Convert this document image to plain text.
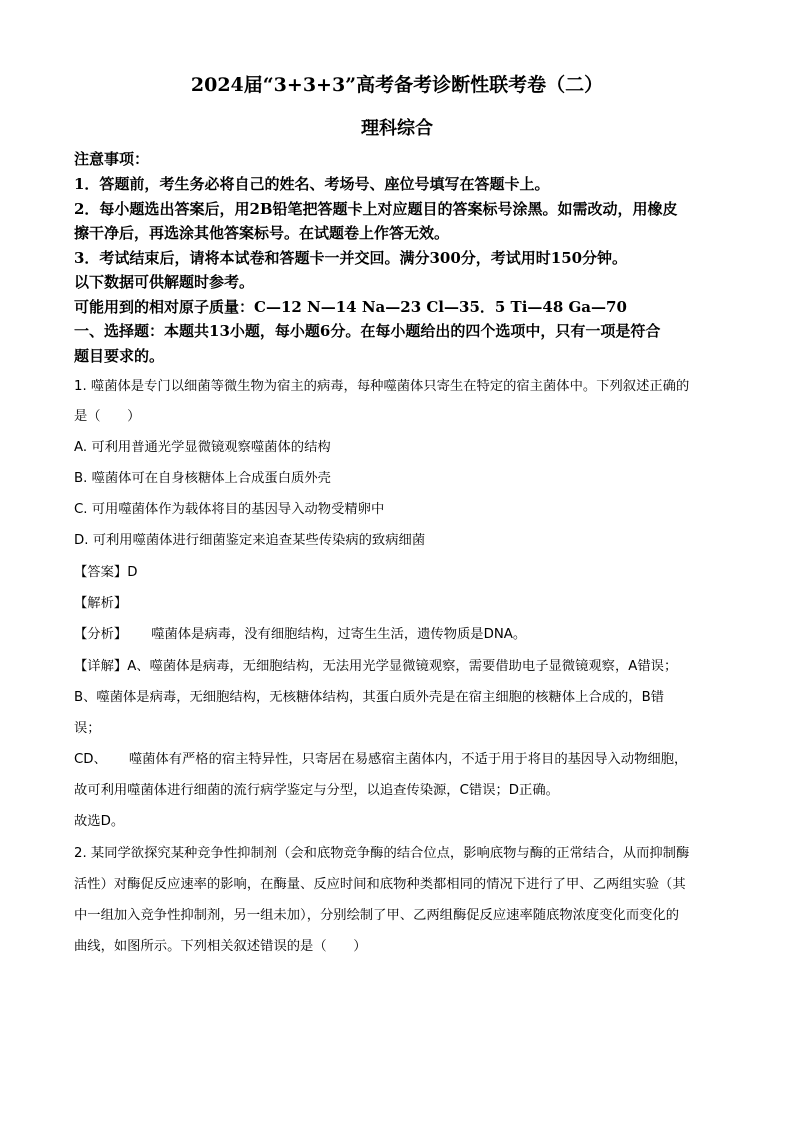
2024届“3+3+3”高考备考诊断性联考卷（二）
理科综合
注意事项：
1．答题前，考生务必将自己的姓名、考场号、座位号填写在答题卡上。
2．每小题选出答案后，用2B铅笔把答题卡上对应题目的答案标号涂黑。如需改动，用橡皮
擦干净后，再选涂其他答案标号。在试题卷上作答无效。
3．考试结束后，请将本试卷和答题卡一并交回。满分300分，考试用时150分钟。
以下数据可供解题时参考。
可能用到的相对原子质量：C—12 N—14 Na—23 Cl—35．5 Ti—48 Ga—70
一、选择题：本题共13小题，每小题6分。在每小题给出的四个选项中，只有一项是符合
题目要求的。
1. 噬菌体是专门以细菌等微生物为宿主的病毒，每种噬菌体只寄生在特定的宿主菌体中。下列叙述正确的
是（　　）
A. 可利用普通光学显微镜观察噬菌体的结构
B. 噬菌体可在自身核糖体上合成蛋白质外壳
C. 可用噬菌体作为载体将目的基因导入动物受精卵中
D. 可利用噬菌体进行细菌鉴定来追查某些传染病的致病细菌
【答案】D
【解析】
【分析】 噬菌体是病毒，没有细胞结构，过寄生生活，遗传物质是DNA。
【详解】A、噬菌体是病毒，无细胞结构，无法用光学显微镜观察，需要借助电子显微镜观察，A错误；
B、噬菌体是病毒，无细胞结构，无核糖体结构，其蛋白质外壳是在宿主细胞的核糖体上合成的，B错
误；
CD、 噬菌体有严格的宿主特异性，只寄居在易感宿主菌体内，不适于用于将目的基因导入动物细胞，
故可利用噬菌体进行细菌的流行病学鉴定与分型，以追查传染源，C错误；D正确。
故选D。
2. 某同学欲探究某种竞争性抑制剂（会和底物竞争酶的结合位点，影响底物与酶的正常结合，从而抑制酶
活性）对酶促反应速率的影响，在酶量、反应时间和底物种类都相同的情况下进行了甲、乙两组实验（其
中一组加入竞争性抑制剂，另一组未加），分别绘制了甲、乙两组酶促反应速率随底物浓度变化而变化的
曲线，如图所示。下列相关叙述错误的是（　　）
